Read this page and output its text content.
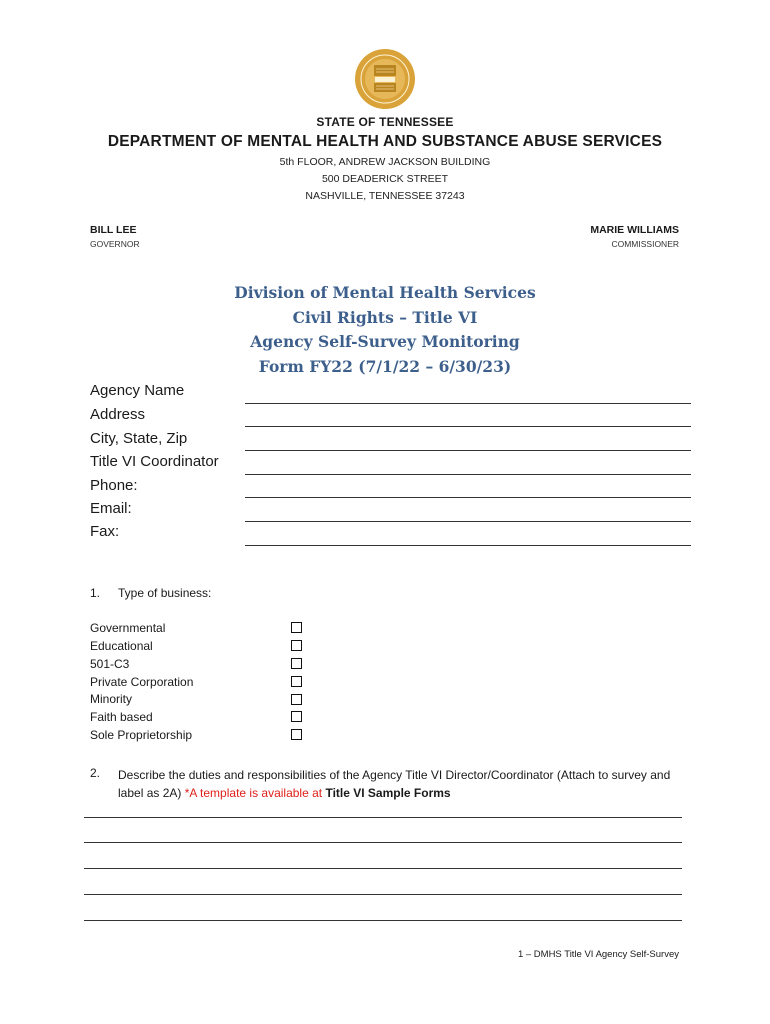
STATE OF TENNESSEE
DEPARTMENT OF MENTAL HEALTH AND SUBSTANCE ABUSE SERVICES
5th FLOOR, ANDREW JACKSON BUILDING
500 DEADERICK STREET
NASHVILLE, TENNESSEE 37243
BILL LEE
GOVERNOR
MARIE WILLIAMS
COMMISSIONER
Division of Mental Health Services
Civil Rights – Title VI
Agency Self-Survey Monitoring
Form FY22 (7/1/22 – 6/30/23)
Agency Name
Address
City, State, Zip
Title VI Coordinator
Phone:
Email:
Fax:
1. Type of business:
Governmental
Educational
501-C3
Private Corporation
Minority
Faith based
Sole Proprietorship
2. Describe the duties and responsibilities of the Agency Title VI Director/Coordinator (Attach to survey and label as 2A) *A template is available at Title VI Sample Forms
1 – DMHS Title VI Agency Self-Survey
